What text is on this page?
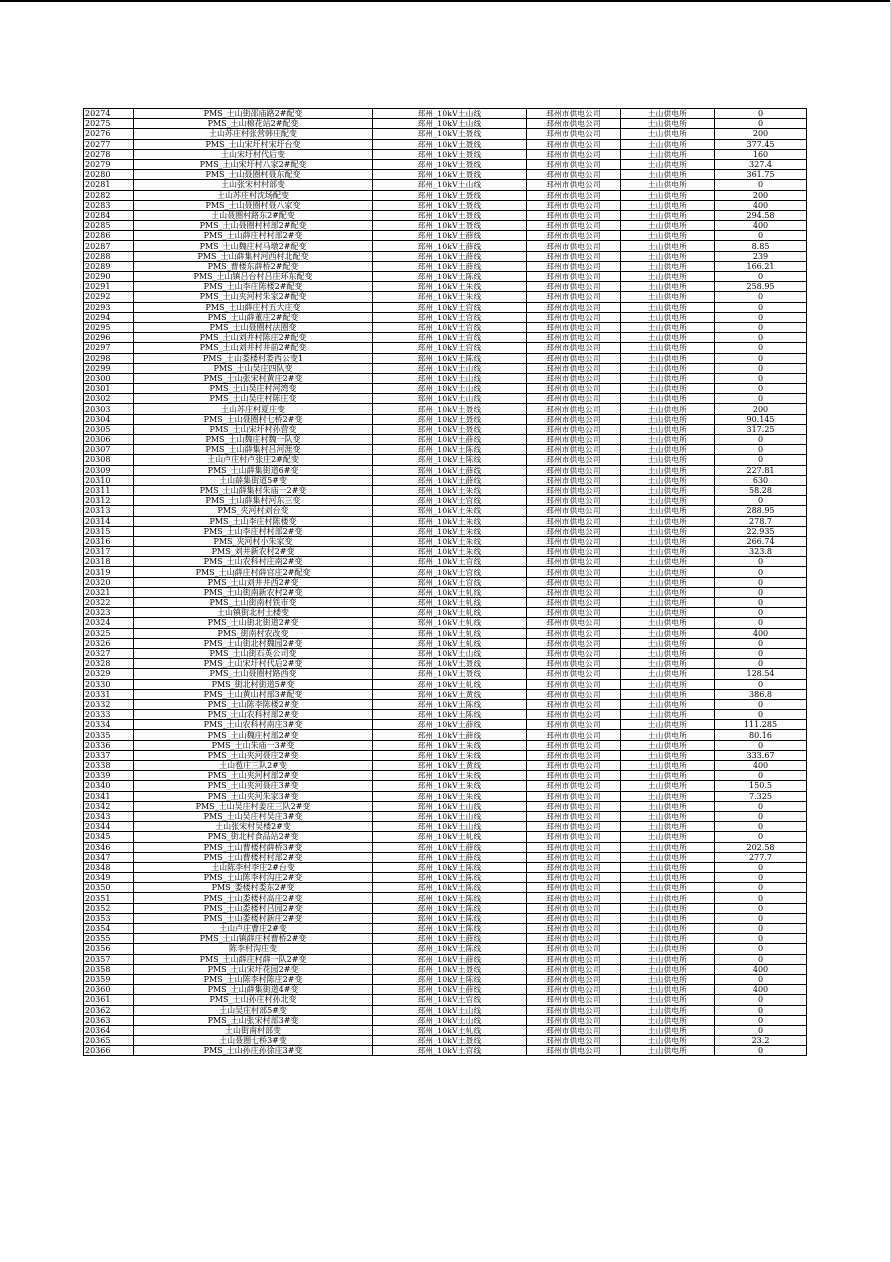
20274	PMS_土山街邵庙路2#配变	邳州_10kV土山线	邳州市供电公司	土山供电所	0
20275	PMS_土山棉花站2#配变	邳州_10kV土山线	邳州市供电公司	土山供电所	0
20276	土山苏庄村张营韩庄配变	邳州_10kV土聂线	邳州市供电公司	土山供电所	200
20277	PMS_土山宋圩村宋圩台变	邳州_10kV土聂线	邳州市供电公司	土山供电所	377.45
20278	土山宋圩村代后变	邳州_10kV土聂线	邳州市供电公司	土山供电所	160
20279	PMS_土山宋圩村八家2#配变	邳州_10kV土聂线	邳州市供电公司	土山供电所	327.4
20280	PMS_土山聂圈村聂东配变	邳州_10kV土聂线	邳州市供电公司	土山供电所	361.75
20281	土山张宋村村部变	邳州_10kV土山线	邳州市供电公司	土山供电所	0
20282	土山苏庄村沈场配变	邳州_10kV土聂线	邳州市供电公司	土山供电所	200
20283	PMS_土山聂圈村聂八家变	邳州_10kV土聂线	邳州市供电公司	土山供电所	400
20284	土山聂圈村路东2#配变	邳州_10kV土聂线	邳州市供电公司	土山供电所	294.58
20285	PMS_土山聂圈村村部2#配变	邳州_10kV土聂线	邳州市供电公司	土山供电所	400
20286	PMS_土山薛庄村村部2#变	邳州_10kV土薛线	邳州市供电公司	土山供电所	0
20287	PMS_土山魏庄村马墩2#配变	邳州_10kV土薛线	邳州市供电公司	土山供电所	8.85
20288	PMS_土山薛集村河西村北配变	邳州_10kV土薛线	邳州市供电公司	土山供电所	239
20289	PMS_曹楼东薛桥2#配变	邳州_10kV土薛线	邳州市供电公司	土山供电所	166.21
20290	PMS_土山镇吕台村吕庄环东配变	邳州_10kV土陈线	邳州市供电公司	土山供电所	0
20291	PMS_土山李庄陈楼2#配变	邳州_10kV土朱线	邳州市供电公司	土山供电所	258.95
20292	PMS_土山夹河村朱家2#配变	邳州_10kV土朱线	邳州市供电公司	土山供电所	0
20293	PMS_土山薛庄村五大庄变	邳州_10kV土官线	邳州市供电公司	土山供电所	0
20294	PMS_土山薛董庄2#配变	邳州_10kV土官线	邳州市供电公司	土山供电所	0
20295	PMS_土山聂圈村法圈变	邳州_10kV土官线	邳州市供电公司	土山供电所	0
20296	PMS_土山刘井村陈庄2#配变	邳州_10kV土官线	邳州市供电公司	土山供电所	0
20297	PMS_土山刘井村井前2#配变	邳州_10kV土官线	邳州市供电公司	土山供电所	0
20298	PMS_土山娄楼村娄西公变1	邳州_10kV土陈线	邳州市供电公司	土山供电所	0
20299	PMS_土山吴庄四队变	邳州_10kV土山线	邳州市供电公司	土山供电所	0
20300	PMS_土山张宋村黄庄2#变	邳州_10kV土山线	邳州市供电公司	土山供电所	0
20301	PMS_土山吴庄村河湾变	邳州_10kV土山线	邳州市供电公司	土山供电所	0
20302	PMS_土山吴庄村陈庄变	邳州_10kV土山线	邳州市供电公司	土山供电所	0
20303	土山苏庄村夏庄变	邳州_10kV土聂线	邳州市供电公司	土山供电所	200
20304	PMS_土山聂圈村七桥2#变	邳州_10kV土聂线	邳州市供电公司	土山供电所	90.145
20305	PMS_土山宋圩村孙营变	邳州_10kV土聂线	邳州市供电公司	土山供电所	317.25
20306	PMS_土山魏庄村魏一队变	邳州_10kV土薛线	邳州市供电公司	土山供电所	0
20307	PMS_土山薛集村吕河涯变	邳州_10kV土陈线	邳州市供电公司	土山供电所	0
20308	土山卢庄村卢张庄2#配变	邳州_10kV土陈线	邳州市供电公司	土山供电所	0
20309	PMS_土山薛集街道6#变	邳州_10kV土薛线	邳州市供电公司	土山供电所	227.81
20310	土山薛集街道5#变	邳州_10kV土薛线	邳州市供电公司	土山供电所	630
20311	PMS_土山薛集村朱庙一2#变	邳州_10kV土朱线	邳州市供电公司	土山供电所	58.28
20312	PMS_土山薛集村河东三变	邳州_10kV土官线	邳州市供电公司	土山供电所	0
20313	PMS_夹河村刘台变	邳州_10kV土朱线	邳州市供电公司	土山供电所	288.95
20314	PMS_土山李庄村陈楼变	邳州_10kV土朱线	邳州市供电公司	土山供电所	278.7
20315	PMS_土山李庄村村部2#变	邳州_10kV土朱线	邳州市供电公司	土山供电所	22.935
20316	PMS_夹河村小朱家变	邳州_10kV土朱线	邳州市供电公司	土山供电所	266.74
20317	PMS_刘井新农村2#变	邳州_10kV土朱线	邳州市供电公司	土山供电所	323.8
20318	PMS_土山农科村庄南2#变	邳州_10kV土官线	邳州市供电公司	土山供电所	0
20319	PMS_土山薛庄村薛官庄2#配变	邳州_10kV土官线	邳州市供电公司	土山供电所	0
20320	PMS_土山刘井井西2#变	邳州_10kV土官线	邳州市供电公司	土山供电所	0
20321	PMS_土山街南新农村2#变	邳州_10kV土轧线	邳州市供电公司	土山供电所	0
20322	PMS_土山街南村铁市变	邳州_10kV土轧线	邳州市供电公司	土山供电所	0
20323	土山镇街北村土楼变	邳州_10kV土轧线	邳州市供电公司	土山供电所	0
20324	PMS_土山街北街道2#变	邳州_10kV土轧线	邳州市供电公司	土山供电所	0
20325	PMS_街南村农改变	邳州_10kV土轧线	邳州市供电公司	土山供电所	400
20326	PMS_土山街北村魏园2#变	邳州_10kV土轧线	邳州市供电公司	土山供电所	0
20327	PMS_土山街石英公司变	邳州_10kV土山线	邳州市供电公司	土山供电所	0
20328	PMS_土山宋圩村代后2#变	邳州_10kV土聂线	邳州市供电公司	土山供电所	0
20329	PMS_土山聂圈村路西变	邳州_10kV土聂线	邳州市供电公司	土山供电所	128.54
20330	PMS_街北村街道5#变	邳州_10kV土轧线	邳州市供电公司	土山供电所	0
20331	PMS_土山黄山村部3#配变	邳州_10kV土黄线	邳州市供电公司	土山供电所	386.8
20332	PMS_土山陈李陈楼2#变	邳州_10kV土陈线	邳州市供电公司	土山供电所	0
20333	PMS_土山农科村部2#变	邳州_10kV土陈线	邳州市供电公司	土山供电所	0
20334	PMS_土山农科村南庄3#变	邳州_10kV土薛线	邳州市供电公司	土山供电所	111.285
20335	PMS_土山魏庄村部2#变	邳州_10kV土薛线	邳州市供电公司	土山供电所	80.16
20336	PMS_土山朱庙一3#变	邳州_10kV土朱线	邳州市供电公司	土山供电所	0
20337	PMS_土山夹河聂庄2#变	邳州_10kV土朱线	邳州市供电公司	土山供电所	333.67
20338	土山苞庄三队2#变	邳州_10kV土黄线	邳州市供电公司	土山供电所	400
20339	PMS_土山夹河村部2#变	邳州_10kV土朱线	邳州市供电公司	土山供电所	0
20340	PMS_土山夹河聂庄3#变	邳州_10kV土朱线	邳州市供电公司	土山供电所	150.5
20341	PMS_土山夹河朱家3#变	邳州_10kV土朱线	邳州市供电公司	土山供电所	7.325
20342	PMS_土山吴庄村姜庄三队2#变	邳州_10kV土山线	邳州市供电公司	土山供电所	0
20343	PMS_土山吴庄村吴庄3#变	邳州_10kV土山线	邳州市供电公司	土山供电所	0
20344	土山张宋村吴楼2#变	邳州_10kV土山线	邳州市供电公司	土山供电所	0
20345	PMS_街北村食品站2#变	邳州_10kV土轧线	邳州市供电公司	土山供电所	0
20346	PMS_土山曹楼村薛桥3#变	邳州_10kV土薛线	邳州市供电公司	土山供电所	202.58
20347	PMS_土山曹楼村村部2#变	邳州_10kV土薛线	邳州市供电公司	土山供电所	277.7
20348	土山陈李村李庄2#台变	邳州_10kV土陈线	邳州市供电公司	土山供电所	0
20349	PMS_土山陈李村沟庄2#变	邳州_10kV土陈线	邳州市供电公司	土山供电所	0
20350	PMS_娄楼村娄东2#变	邳州_10kV土陈线	邳州市供电公司	土山供电所	0
20351	PMS_土山娄楼村高庄2#变	邳州_10kV土陈线	邳州市供电公司	土山供电所	0
20352	PMS_土山娄楼村吕园2#变	邳州_10kV土陈线	邳州市供电公司	土山供电所	0
20353	PMS_土山娄楼村新庄2#变	邳州_10kV土陈线	邳州市供电公司	土山供电所	0
20354	土山卢庄曹庄2#变	邳州_10kV土陈线	邳州市供电公司	土山供电所	0
20355	PMS_土山镇薛庄村曹桥2#变	邳州_10kV土薛线	邳州市供电公司	土山供电所	0
20356	陈李村沟庄变	邳州_10kV土陈线	邳州市供电公司	土山供电所	0
20357	PMS_土山薛庄村薛一队2#变	邳州_10kV土薛线	邳州市供电公司	土山供电所	0
20358	PMS_土山宋圩花园2#变	邳州_10kV土聂线	邳州市供电公司	土山供电所	400
20359	PMS_土山陈李村陈庄2#变	邳州_10kV土陈线	邳州市供电公司	土山供电所	0
20360	PMS_土山薛集街道4#变	邳州_10kV土薛线	邳州市供电公司	土山供电所	400
20361	PMS_土山孙庄村孙北变	邳州_10kV土官线	邳州市供电公司	土山供电所	0
20362	土山吴庄村部5#变	邳州_10kV土山线	邳州市供电公司	土山供电所	0
20363	PMS_土山张宋村部3#变	邳州_10kV土山线	邳州市供电公司	土山供电所	0
20364	土山街南村部变	邳州_10kV土轧线	邳州市供电公司	土山供电所	0
20365	土山聂圈七桥3#变	邳州_10kV土聂线	邳州市供电公司	土山供电所	23.2
20366	PMS_土山孙庄孙徐庄3#变	邳州_10kV土官线	邳州市供电公司	土山供电所	0
